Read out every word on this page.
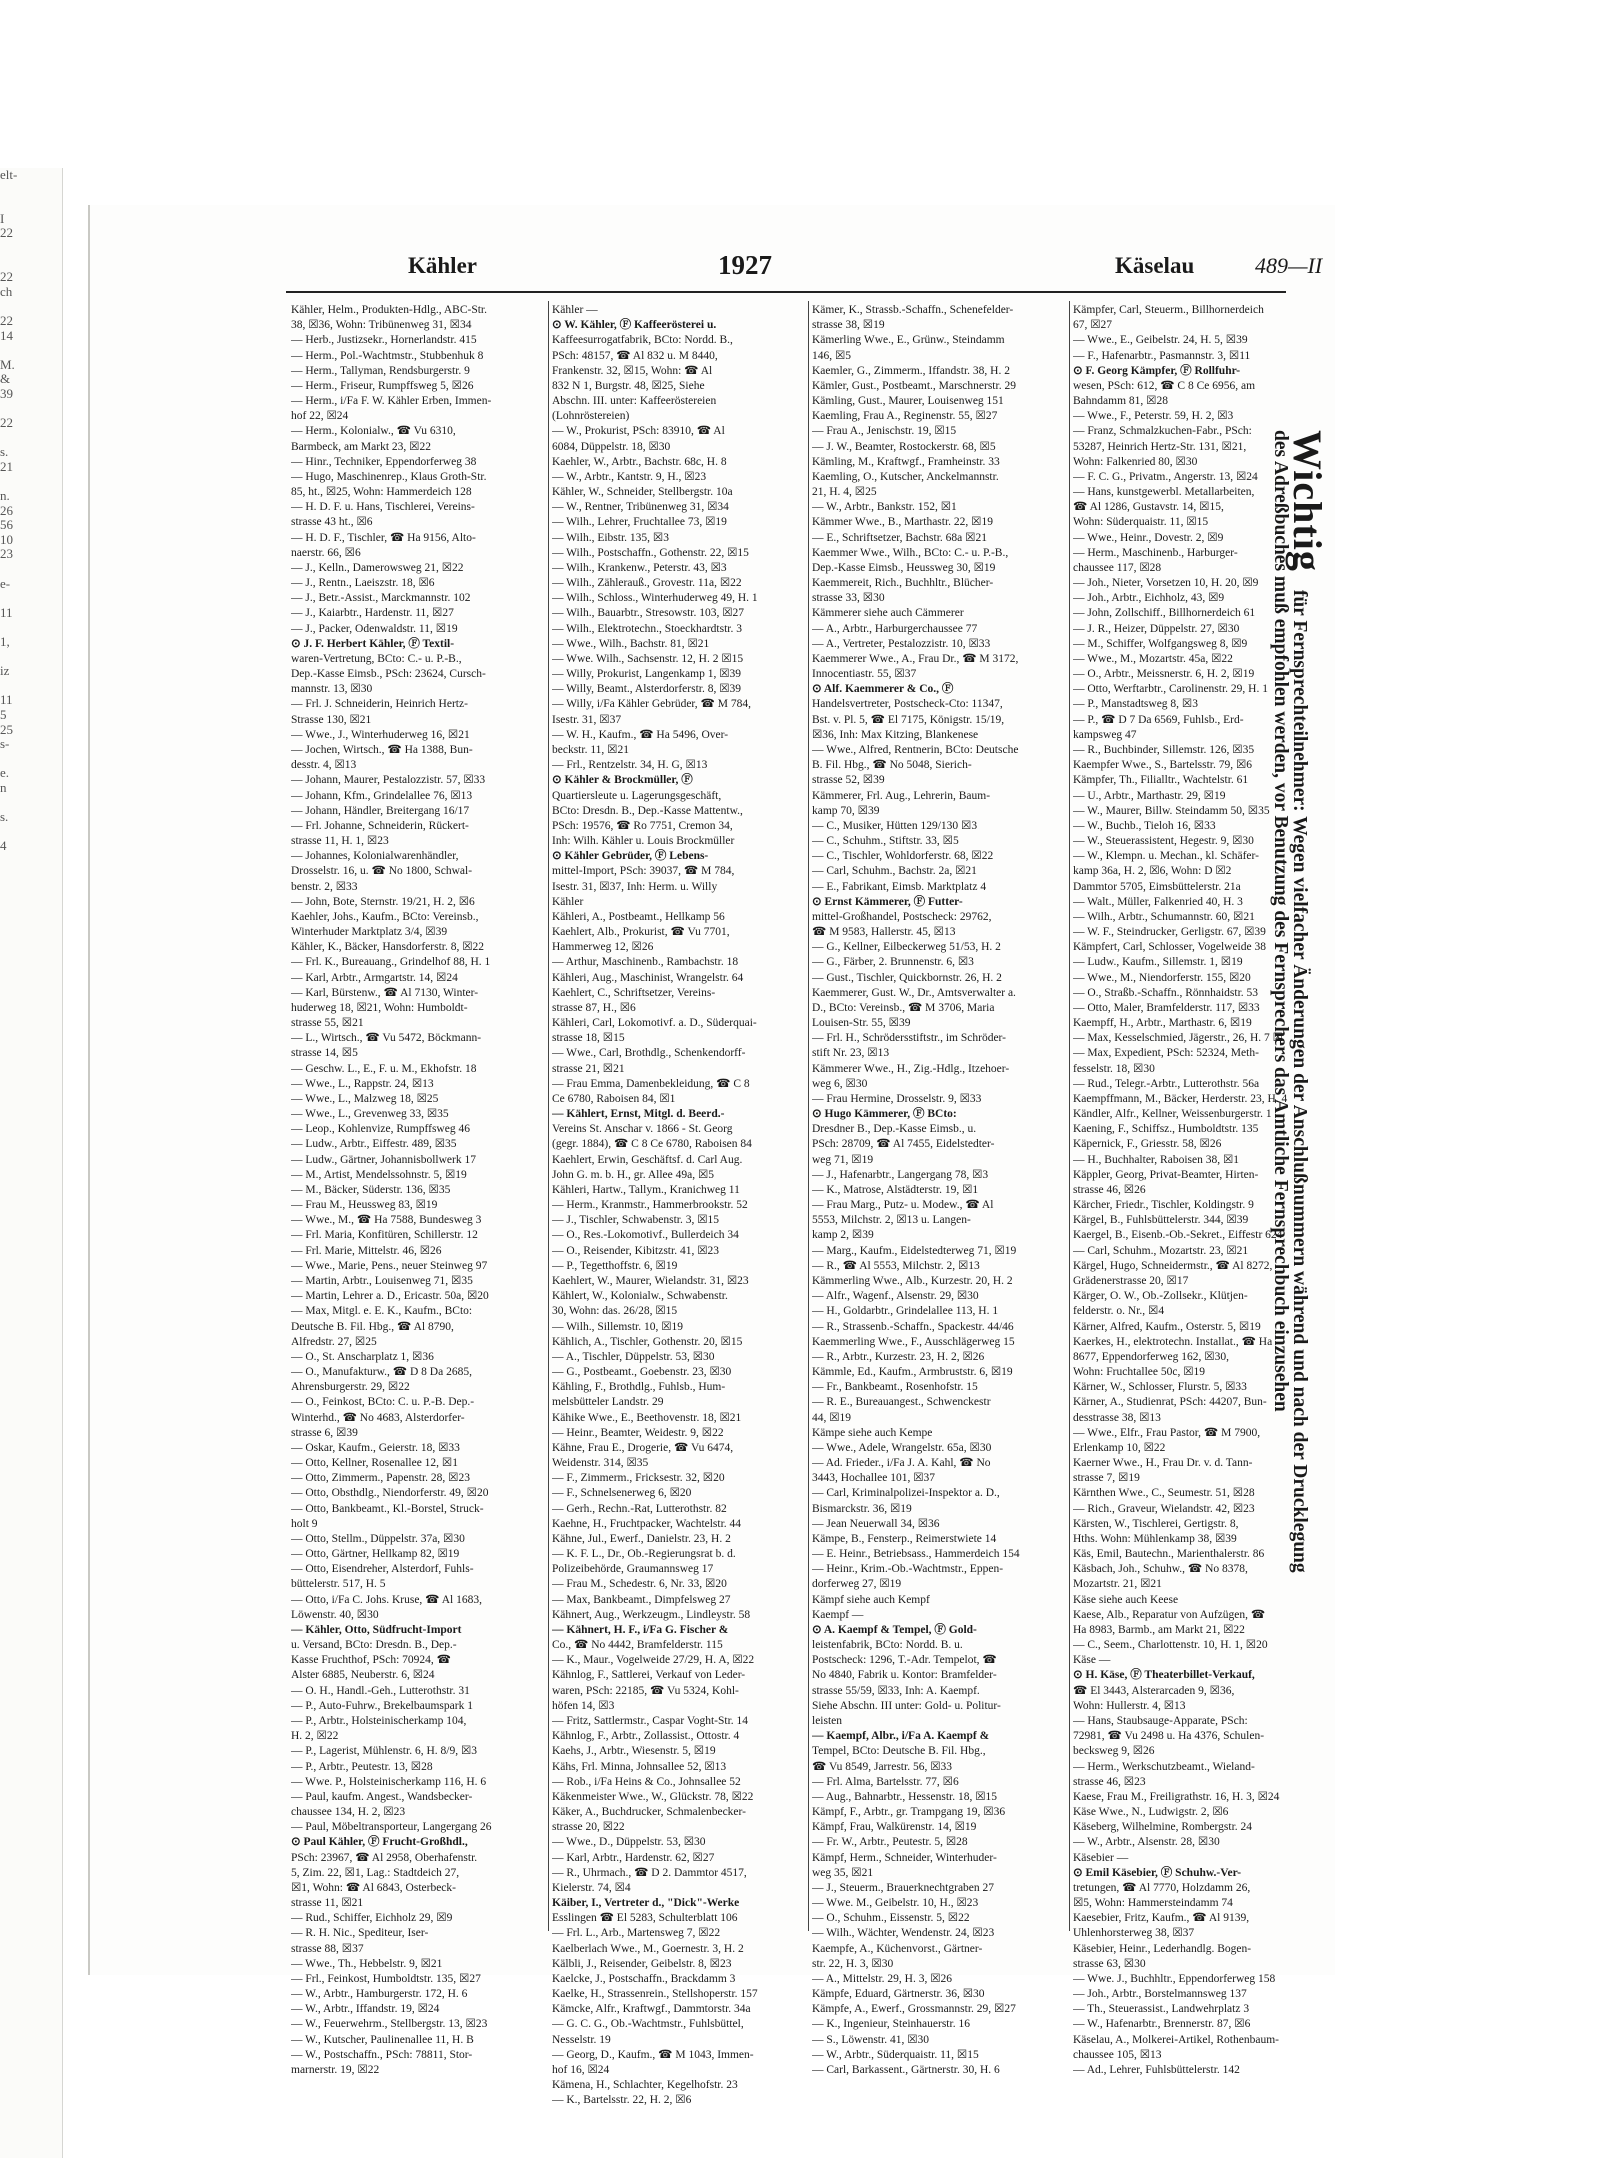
elt-
I
22
22
ch
22
14
M.
&
39
22
s.
21
n.
26
56
10
23
e-
11
1,
iz
11
5
25
s-
e.
n
s.
4
Kähler	1927	Käselau	489—II
Kähler, Helm., Produkten-Hdlg., ABC-Str.
38, ☒36, Wohn: Tribünenweg 31, ☒34
— Herb., Justizsekr., Hornerlandstr. 415
— Herm., Pol.-Wachtmstr., Stubbenhuk 8
— Herm., Tallyman, Rendsburgerstr. 9
— Herm., Friseur, Rumpffsweg 5, ☒26
— Herm., i/Fa F. W. Kähler Erben, Immen-
hof 22, ☒24
— Herm., Kolonialw., ☎ Vu 6310,
Barmbeck, am Markt 23, ☒22
— Hinr., Techniker, Eppendorferweg 38
— Hugo, Maschinenrep., Klaus Groth-Str.
85, ht., ☒25, Wohn: Hammerdeich 128
— H. D. F. u. Hans, Tischlerei, Vereins-
strasse 43 ht., ☒6
— H. D. F., Tischler, ☎ Ha 9156, Alto-
naerstr. 66, ☒6
— J., Kelln., Damerowsweg 21, ☒22
— J., Rentn., Laeiszstr. 18, ☒6
— J., Betr.-Assist., Marckmannstr. 102
— J., Kaiarbtr., Hardenstr. 11, ☒27
— J., Packer, Odenwaldstr. 11, ☒19
⊙ J. F. Herbert Kähler, Ⓕ Textil-
waren-Vertretung, BCto: C.- u. P.-B.,
Dep.-Kasse Eimsb., PSch: 23624, Cursch-
mannstr. 13, ☒30
— Frl. J. Schneiderin, Heinrich Hertz-
Strasse 130, ☒21
— Wwe., J., Winterhuderweg 16, ☒21
— Jochen, Wirtsch., ☎ Ha 1388, Bun-
desstr. 4, ☒13
— Johann, Maurer, Pestalozzistr. 57, ☒33
— Johann, Kfm., Grindelallee 76, ☒13
— Johann, Händler, Breitergang 16/17
— Frl. Johanne, Schneiderin, Rückert-
strasse 11, H. 1, ☒23
— Johannes, Kolonialwarenhändler,
Drosselstr. 16, u. ☎ No 1800, Schwal-
benstr. 2, ☒33
— John, Bote, Sternstr. 19/21, H. 2, ☒6
Kaehler, Johs., Kaufm., BCto: Vereinsb.,
Winterhuder Marktplatz 3/4, ☒39
Kähler, K., Bäcker, Hansdorferstr. 8, ☒22
— Frl. K., Bureauang., Grindelhof 88, H. 1
— Karl, Arbtr., Armgartstr. 14, ☒24
— Karl, Bürstenw., ☎ Al 7130, Winter-
huderweg 18, ☒21, Wohn: Humboldt-
strasse 55, ☒21
— L., Wirtsch., ☎ Vu 5472, Böckmann-
strasse 14, ☒5
— Geschw. L., E., F. u. M., Ekhofstr. 18
— Wwe., L., Rappstr. 24, ☒13
— Wwe., L., Malzweg 18, ☒25
— Wwe., L., Grevenweg 33, ☒35
— Leop., Kohlenvize, Rumpffsweg 46
— Ludw., Arbtr., Eiffestr. 489, ☒35
— Ludw., Gärtner, Johannisbollwerk 17
— M., Artist, Mendelssohnstr. 5, ☒19
— M., Bäcker, Süderstr. 136, ☒35
— Frau M., Heussweg 83, ☒19
— Wwe., M., ☎ Ha 7588, Bundesweg 3
— Frl. Maria, Konfitüren, Schillerstr. 12
— Frl. Marie, Mittelstr. 46, ☒26
— Wwe., Marie, Pens., neuer Steinweg 97
— Martin, Arbtr., Louisenweg 71, ☒35
— Martin, Lehrer a. D., Ericastr. 50a, ☒20
— Max, Mitgl. e. E. K., Kaufm., BCto:
Deutsche B. Fil. Hbg., ☎ Al 8790,
Alfredstr. 27, ☒25
— O., St. Anscharplatz 1, ☒36
— O., Manufakturw., ☎ D 8 Da 2685,
Ahrensburgerstr. 29, ☒22
— O., Feinkost, BCto: C. u. P.-B. Dep.-
Winterhd., ☎ No 4683, Alsterdorfer-
strasse 6, ☒39
— Oskar, Kaufm., Geierstr. 18, ☒33
— Otto, Kellner, Rosenallee 12, ☒1
— Otto, Zimmerm., Papenstr. 28, ☒23
— Otto, Obsthdlg., Niendorferstr. 49, ☒20
— Otto, Bankbeamt., Kl.-Borstel, Struck-
holt 9
— Otto, Stellm., Düppelstr. 37a, ☒30
— Otto, Gärtner, Hellkamp 82, ☒19
— Otto, Eisendreher, Alsterdorf, Fuhls-
büttelerstr. 517, H. 5
— Otto, i/Fa C. Johs. Kruse, ☎ Al 1683,
Löwenstr. 40, ☒30
— Kähler, Otto, Südfrucht-Import
u. Versand, BCto: Dresdn. B., Dep.-
Kasse Fruchthof, PSch: 70924, ☎
Alster 6885, Neuberstr. 6, ☒24
— O. H., Handl.-Geh., Lutterothstr. 31
— P., Auto-Fuhrw., Brekelbaumspark 1
— P., Arbtr., Holsteinischerkamp 104,
H. 2, ☒22
— P., Lagerist, Mühlenstr. 6, H. 8/9, ☒3
— P., Arbtr., Peutestr. 13, ☒28
— Wwe. P., Holsteinischerkamp 116, H. 6
— Paul, kaufm. Angest., Wandsbecker-
chaussee 134, H. 2, ☒23
— Paul, Möbeltransporteur, Langergang 26
⊙ Paul Kähler, Ⓕ Frucht-Großhdl.,
PSch: 23967, ☎ Al 2958, Oberhafenstr.
5, Zim. 22, ☒1, Lag.: Stadtdeich 27,
☒1, Wohn: ☎ Al 6843, Osterbeck-
strasse 11, ☒21
— Rud., Schiffer, Eichholz 29, ☒9
— R. H. Nic., Spediteur, Iser-
strasse 88, ☒37
— Wwe., Th., Hebbelstr. 9, ☒21
— Frl., Feinkost, Humboldtstr. 135, ☒27
— W., Arbtr., Hamburgerstr. 172, H. 6
— W., Arbtr., Iffandstr. 19, ☒24
— W., Feuerwehrm., Stellbergstr. 13, ☒23
— W., Kutscher, Paulinenallee 11, H. B
— W., Postschaffn., PSch: 78811, Stor-
marnerstr. 19, ☒22
Kähler —
⊙ W. Kähler, Ⓕ Kaffeerösterei u.
Kaffeesurrogatfabrik, BCto: Nordd. B.,
PSch: 48157, ☎ Al 832 u. M 8440,
Frankenstr. 32, ☒15, Wohn: ☎ Al
832 N 1, Burgstr. 48, ☒25, Siehe
Abschn. III. unter: Kaffeeröstereien
(Lohnröstereien)
— W., Prokurist, PSch: 83910, ☎ Al
6084, Düppelstr. 18, ☒30
Kaehler, W., Arbtr., Bachstr. 68c, H. 8
— W., Arbtr., Kantstr. 9, H., ☒23
Kähler, W., Schneider, Stellbergstr. 10a
— W., Rentner, Tribünenweg 31, ☒34
— Wilh., Lehrer, Fruchtallee 73, ☒19
— Wilh., Eibstr. 135, ☒3
— Wilh., Postschaffn., Gothenstr. 22, ☒15
— Wilh., Krankenw., Peterstr. 43, ☒3
— Wilh., Zählerauß., Grovestr. 11a, ☒22
— Wilh., Schloss., Winterhuderweg 49, H. 1
— Wilh., Bauarbtr., Stresowstr. 103, ☒27
— Wilh., Elektrotechn., Stoeckhardtstr. 3
— Wwe., Wilh., Bachstr. 81, ☒21
— Wwe. Wilh., Sachsenstr. 12, H. 2 ☒15
— Willy, Prokurist, Langenkamp 1, ☒39
— Willy, Beamt., Alsterdorferstr. 8, ☒39
— Willy, i/Fa Kähler Gebrüder, ☎ M 784,
Isestr. 31, ☒37
— W. H., Kaufm., ☎ Ha 5496, Over-
beckstr. 11, ☒21
— Frl., Rentzelstr. 34, H. G, ☒13
⊙ Kähler & Brockmüller, Ⓕ
Quartiersleute u. Lagerungsgeschäft,
BCto: Dresdn. B., Dep.-Kasse Mattentw.,
PSch: 19576, ☎ Ro 7751, Cremon 34,
Inh: Wilh. Kähler u. Louis Brockmüller
⊙ Kähler Gebrüder, Ⓕ Lebens-
mittel-Import, PSch: 39037, ☎ M 784,
Isestr. 31, ☒37, Inh: Herm. u. Willy
Kähler
Kähleri, A., Postbeamt., Hellkamp 56
Kaehlert, Alb., Prokurist, ☎ Vu 7701,
Hammerweg 12, ☒26
— Arthur, Maschinenb., Rambachstr. 18
Kähleri, Aug., Maschinist, Wrangelstr. 64
Kaehlert, C., Schriftsetzer, Vereins-
strasse 87, H., ☒6
Kähleri, Carl, Lokomotivf. a. D., Süderquai-
strasse 18, ☒15
— Wwe., Carl, Brothdlg., Schenkendorff-
strasse 21, ☒21
— Frau Emma, Damenbekleidung, ☎ C 8
Ce 6780, Raboisen 84, ☒1
— Kählert, Ernst, Mitgl. d. Beerd.-
Vereins St. Anschar v. 1866 - St. Georg
(gegr. 1884), ☎ C 8 Ce 6780, Raboisen 84
Kaehlert, Erwin, Geschäftsf. d. Carl Aug.
John G. m. b. H., gr. Allee 49a, ☒5
Kähleri, Hartw., Tallym., Kranichweg 11
— Herm., Kranmstr., Hammerbrookstr. 52
— J., Tischler, Schwabenstr. 3, ☒15
— O., Res.-Lokomotivf., Bullerdeich 34
— O., Reisender, Kibitzstr. 41, ☒23
— P., Tegetthoffstr. 6, ☒19
Kaehlert, W., Maurer, Wielandstr. 31, ☒23
Kählert, W., Kolonialw., Schwabenstr.
30, Wohn: das. 26/28, ☒15
— Wilh., Sillemstr. 10, ☒19
Kählich, A., Tischler, Gothenstr. 20, ☒15
— A., Tischler, Düppelstr. 53, ☒30
— G., Postbeamt., Goebenstr. 23, ☒30
Kähling, F., Brothdlg., Fuhlsb., Hum-
melsbütteler Landstr. 29
Kähike Wwe., E., Beethovenstr. 18, ☒21
— Heinr., Beamter, Weidestr. 9, ☒22
Kähne, Frau E., Drogerie, ☎ Vu 6474,
Weidenstr. 314, ☒35
— F., Zimmerm., Fricksestr. 32, ☒20
— F., Schnelsenerweg 6, ☒20
— Gerh., Rechn.-Rat, Lutterothstr. 82
Kaehne, H., Fruchtpacker, Wachtelstr. 44
Kähne, Jul., Ewerf., Danielstr. 23, H. 2
— K. F. L., Dr., Ob.-Regierungsrat b. d.
Polizeibehörde, Graumannsweg 17
— Frau M., Schedestr. 6, Nr. 33, ☒20
— Max, Bankbeamt., Dimpfelsweg 27
Kähnert, Aug., Werkzeugm., Lindleystr. 58
— Kähnert, H. F., i/Fa G. Fischer &
Co., ☎ No 4442, Bramfelderstr. 115
— K., Maur., Vogelweide 27/29, H. A, ☒22
Kähnlog, F., Sattlerei, Verkauf von Leder-
waren, PSch: 22185, ☎ Vu 5324, Kohl-
höfen 14, ☒3
— Fritz, Sattlermstr., Caspar Voght-Str. 14
Kähnlog, F., Arbtr., Zollassist., Ottostr. 4
Kaehs, J., Arbtr., Wiesenstr. 5, ☒19
Kähs, Frl. Minna, Johnsallee 52, ☒13
— Rob., i/Fa Heins & Co., Johnsallee 52
Käkenmeister Wwe., W., Glückstr. 78, ☒22
Käker, A., Buchdrucker, Schmalenbecker-
strasse 20, ☒22
— Wwe., D., Düppelstr. 53, ☒30
— Karl, Arbtr., Hardenstr. 62, ☒27
— R., Uhrmach., ☎ D 2. Dammtor 4517,
Kielerstr. 74, ☒4
Käiber, I., Vertreter d., "Dick"-Werke
Esslingen ☎ El 5283, Schulterblatt 106
— Frl. L., Arb., Martensweg 7, ☒22
Kaelberlach Wwe., M., Goernestr. 3, H. 2
Kälbli, J., Reisender, Geibelstr. 8, ☒23
Kaelcke, J., Postschaffn., Brackdamm 3
Kaelke, H., Strassenrein., Stellshoperstr. 157
Kämcke, Alfr., Kraftwgf., Dammtorstr. 34a
— G. C. G., Ob.-Wachtmstr., Fuhlsbüttel,
Nesselstr. 19
— Georg, D., Kaufm., ☎ M 1043, Immen-
hof 16, ☒24
Kämena, H., Schlachter, Kegelhofstr. 23
— K., Bartelsstr. 22, H. 2, ☒6
Kämer, K., Strassb.-Schaffn., Schenefelder-
strasse 38, ☒19
Kämerling Wwe., E., Grünw., Steindamm
146, ☒5
Kaemler, G., Zimmerm., Iffandstr. 38, H. 2
Kämler, Gust., Postbeamt., Marschnerstr. 29
Kämling, Gust., Maurer, Louisenweg 151
Kaemling, Frau A., Reginenstr. 55, ☒27
— Frau A., Jenischstr. 19, ☒15
— J. W., Beamter, Rostockerstr. 68, ☒5
Kämling, M., Kraftwgf., Framheinstr. 33
Kaemling, O., Kutscher, Anckelmannstr.
21, H. 4, ☒25
— W., Arbtr., Bankstr. 152, ☒1
Kämmer Wwe., B., Marthastr. 22, ☒19
— E., Schriftsetzer, Bachstr. 68a ☒21
Kaemmer Wwe., Wilh., BCto: C.- u. P.-B.,
Dep.-Kasse Eimsb., Heussweg 30, ☒19
Kaemmereit, Rich., Buchhltr., Blücher-
strasse 33, ☒30
Kämmerer siehe auch Cämmerer
— A., Arbtr., Harburgerchaussee 77
— A., Vertreter, Pestalozzistr. 10, ☒33
Kaemmerer Wwe., A., Frau Dr., ☎ M 3172,
Innocentiastr. 55, ☒37
⊙ Alf. Kaemmerer & Co., Ⓕ
Handelsvertreter, Postscheck-Cto: 11347,
Bst. v. Pl. 5, ☎ El 7175, Königstr. 15/19,
☒36, Inh: Max Kitzing, Blankenese
— Wwe., Alfred, Rentnerin, BCto: Deutsche
B. Fil. Hbg., ☎ No 5048, Sierich-
strasse 52, ☒39
Kämmerer, Frl. Aug., Lehrerin, Baum-
kamp 70, ☒39
— C., Musiker, Hütten 129/130 ☒3
— C., Schuhm., Stiftstr. 33, ☒5
— C., Tischler, Wohldorferstr. 68, ☒22
— Carl, Schuhm., Bachstr. 2a, ☒21
— E., Fabrikant, Eimsb. Marktplatz 4
⊙ Ernst Kämmerer, Ⓕ Futter-
mittel-Großhandel, Postscheck: 29762,
☎ M 9583, Hallerstr. 45, ☒13
— G., Kellner, Eilbeckerweg 51/53, H. 2
— G., Färber, 2. Brunnenstr. 6, ☒3
— Gust., Tischler, Quickbornstr. 26, H. 2
Kaemmerer, Gust. W., Dr., Amtsverwalter a.
D., BCto: Vereinsb., ☎ M 3706, Maria
Louisen-Str. 55, ☒39
— Frl. H., Schrödersstiftstr., im Schröder-
stift Nr. 23, ☒13
Kämmerer Wwe., H., Zig.-Hdlg., Itzehoer-
weg 6, ☒30
— Frau Hermine, Drosselstr. 9, ☒33
⊙ Hugo Kämmerer, Ⓕ BCto:
Dresdner B., Dep.-Kasse Eimsb., u.
PSch: 28709, ☎ Al 7455, Eidelstedter-
weg 71, ☒19
— J., Hafenarbtr., Langergang 78, ☒3
— K., Matrose, Alstädterstr. 19, ☒1
— Frau Marg., Putz- u. Modew., ☎ Al
5553, Milchstr. 2, ☒13 u. Langen-
kamp 2, ☒39
— Marg., Kaufm., Eidelstedterweg 71, ☒19
— R., ☎ Al 5553, Milchstr. 2, ☒13
Kämmerling Wwe., Alb., Kurzestr. 20, H. 2
— Alfr., Wagenf., Alsenstr. 29, ☒30
— H., Goldarbtr., Grindelallee 113, H. 1
— R., Strassenb.-Schaffn., Spackestr. 44/46
Kaemmerling Wwe., F., Ausschlägerweg 15
— R., Arbtr., Kurzestr. 23, H. 2, ☒26
Kämmle, Ed., Kaufm., Armbruststr. 6, ☒19
— Fr., Bankbeamt., Rosenhofstr. 15
— R. E., Bureauangest., Schwenckestr
44, ☒19
Kämpe siehe auch Kempe
— Wwe., Adele, Wrangelstr. 65a, ☒30
— Ad. Frieder., i/Fa J. A. Kahl, ☎ No
3443, Hochallee 101, ☒37
— Carl, Kriminalpolizei-Inspektor a. D.,
Bismarckstr. 36, ☒19
— Jean Neuerwall 34, ☒36
Kämpe, B., Fensterp., Reimerstwiete 14
— E. Heinr., Betriebsass., Hammerdeich 154
— Heinr., Krim.-Ob.-Wachtmstr., Eppen-
dorferweg 27, ☒19
Kämpf siehe auch Kempf
Kaempf —
⊙ A. Kaempf & Tempel, Ⓕ Gold-
leistenfabrik, BCto: Nordd. B. u.
Postscheck: 1296, T.-Adr. Tempelot, ☎
No 4840, Fabrik u. Kontor: Bramfelder-
strasse 55/59, ☒33, Inh: A. Kaempf.
Siehe Abschn. III unter: Gold- u. Politur-
leisten
— Kaempf, Albr., i/Fa A. Kaempf &
Tempel, BCto: Deutsche B. Fil. Hbg.,
☎ Vu 8549, Jarrestr. 56, ☒33
— Frl. Alma, Bartelsstr. 77, ☒6
— Aug., Bahnarbtr., Hessenstr. 18, ☒15
Kämpf, F., Arbtr., gr. Trampgang 19, ☒36
Kämpf, Frau, Walkürenstr. 14, ☒19
— Fr. W., Arbtr., Peutestr. 5, ☒28
Kämpf, Herm., Schneider, Winterhuder-
weg 35, ☒21
— J., Steuerm., Brauerknechtgraben 27
— Wwe. M., Geibelstr. 10, H., ☒23
— O., Schuhm., Eissenstr. 5, ☒22
— Wilh., Wächter, Wendenstr. 24, ☒23
Kaempfe, A., Küchenvorst., Gärtner-
str. 22, H. 3, ☒30
— A., Mittelstr. 29, H. 3, ☒26
Kämpfe, Eduard, Gärtnerstr. 36, ☒30
Kämpfe, A., Ewerf., Grossmannstr. 29, ☒27
— K., Ingenieur, Steinhauerstr. 16
— S., Löwenstr. 41, ☒30
— W., Arbtr., Süderquaistr. 11, ☒15
— Carl, Barkassent., Gärtnerstr. 30, H. 6
Kämpfer, Carl, Steuerm., Billhornerdeich
67, ☒27
— Wwe., E., Geibelstr. 24, H. 5, ☒39
— F., Hafenarbtr., Pasmannstr. 3, ☒11
⊙ F. Georg Kämpfer, Ⓕ Rollfuhr-
wesen, PSch: 612, ☎ C 8 Ce 6956, am
Bahndamm 81, ☒28
— Wwe., F., Peterstr. 59, H. 2, ☒3
— Franz, Schmalzkuchen-Fabr., PSch:
53287, Heinrich Hertz-Str. 131, ☒21,
Wohn: Falkenried 80, ☒30
— F. C. G., Privatm., Angerstr. 13, ☒24
— Hans, kunstgewerbl. Metallarbeiten,
☎ Al 1286, Gustavstr. 14, ☒15,
Wohn: Süderquaistr. 11, ☒15
— Wwe., Heinr., Dovestr. 2, ☒9
— Herm., Maschinenb., Harburger-
chaussee 117, ☒28
— Joh., Nieter, Vorsetzen 10, H. 20, ☒9
— Joh., Arbtr., Eichholz, 43, ☒9
— John, Zollschiff., Billhornerdeich 61
— J. R., Heizer, Düppelstr. 27, ☒30
— M., Schiffer, Wolfgangsweg 8, ☒9
— Wwe., M., Mozartstr. 45a, ☒22
— O., Arbtr., Meissnerstr. 6, H. 2, ☒19
— Otto, Werftarbtr., Carolinenstr. 29, H. 1
— P., Manstadtsweg 8, ☒3
— P., ☎ D 7 Da 6569, Fuhlsb., Erd-
kampsweg 47
— R., Buchbinder, Sillemstr. 126, ☒35
Kaempfer Wwe., S., Bartelsstr. 79, ☒6
Kämpfer, Th., Filialltr., Wachtelstr. 61
— U., Arbtr., Marthastr. 29, ☒19
— W., Maurer, Billw. Steindamm 50, ☒35
— W., Buchb., Tieloh 16, ☒33
— W., Steuerassistent, Hegestr. 9, ☒30
— W., Klempn. u. Mechan., kl. Schäfer-
kamp 36a, H. 2, ☒6, Wohn: D ☒2
Dammtor 5705, Eimsbüttelerstr. 21a
— Walt., Müller, Falkenried 40, H. 3
— Wilh., Arbtr., Schumannstr. 60, ☒21
— W. F., Steindrucker, Gerligstr. 67, ☒39
Kämpfert, Carl, Schlosser, Vogelweide 38
— Ludw., Kaufm., Sillemstr. 1, ☒19
— Wwe., M., Niendorferstr. 155, ☒20
— O., Straßb.-Schaffn., Rönnhaidstr. 53
— Otto, Maler, Bramfelderstr. 117, ☒33
Kaempff, H., Arbtr., Marthastr. 6, ☒19
— Max, Kesselschmied, Jägerstr., 26, H. 7 ☒
— Max, Expedient, PSch: 52324, Meth-
fesselstr. 18, ☒30
— Rud., Telegr.-Arbtr., Lutterothstr. 56a
Kaempffmann, M., Bäcker, Herderstr. 23, H. 4
Kändler, Alfr., Kellner, Weissenburgerstr. 1
Kaening, F., Schiffsz., Humboldtstr. 135
Käpernick, F., Griesstr. 58, ☒26
— H., Buchhalter, Raboisen 38, ☒1
Käppler, Georg, Privat-Beamter, Hirten-
strasse 46, ☒26
Kärcher, Friedr., Tischler, Koldingstr. 9
Kärgel, B., Fuhlsbüttelerstr. 344, ☒39
Kaergel, B., Eisenb.-Ob.-Sekret., Eiffestr 624
— Carl, Schuhm., Mozartstr. 23, ☒21
Kärgel, Hugo, Schneidermstr., ☎ Al 8272,
Grädenerstrasse 20, ☒17
Kärger, O. W., Ob.-Zollsekr., Klütjen-
felderstr. o. Nr., ☒4
Kärner, Alfred, Kaufm., Osterstr. 5, ☒19
Kaerkes, H., elektrotechn. Installat., ☎ Ha
8677, Eppendorferweg 162, ☒30,
Wohn: Fruchtallee 50c, ☒19
Kärner, W., Schlosser, Flurstr. 5, ☒33
Kärner, A., Studienrat, PSch: 44207, Bun-
desstrasse 38, ☒13
— Wwe., Elfr., Frau Pastor, ☎ M 7900,
Erlenkamp 10, ☒22
Kaerner Wwe., H., Frau Dr. v. d. Tann-
strasse 7, ☒19
Kärnthen Wwe., C., Seumestr. 51, ☒28
— Rich., Graveur, Wielandstr. 42, ☒23
Kärsten, W., Tischlerei, Gertigstr. 8,
Hths. Wohn: Mühlenkamp 38, ☒39
Käs, Emil, Bautechn., Marienthalerstr. 86
Käsbach, Joh., Schuhw., ☎ No 8378,
Mozartstr. 21, ☒21
Käse siehe auch Keese
Kaese, Alb., Reparatur von Aufzügen, ☎
Ha 8983, Barmb., am Markt 21, ☒22
— C., Seem., Charlottenstr. 10, H. 1, ☒20
Käse —
⊙ H. Käse, Ⓕ Theaterbillet-Verkauf,
☎ El 3443, Alsterarcaden 9, ☒36,
Wohn: Hullerstr. 4, ☒13
— Hans, Staubsauge-Apparate, PSch:
72981, ☎ Vu 2498 u. Ha 4376, Schulen-
becksweg 9, ☒26
— Herm., Werkschutzbeamt., Wieland-
strasse 46, ☒23
Kaese, Frau M., Freiligrathstr. 16, H. 3, ☒24
Käse Wwe., N., Ludwigstr. 2, ☒6
Käseberg, Wilhelmine, Rombergstr. 24
— W., Arbtr., Alsenstr. 28, ☒30
Käsebier —
⊙ Emil Käsebier, Ⓕ Schuhw.-Ver-
tretungen, ☎ Al 7770, Holzdamm 26,
☒5, Wohn: Hammersteindamm 74
Kaesebier, Fritz, Kaufm., ☎ Al 9139,
Uhlenhorsterweg 38, ☒37
Käsebier, Heinr., Lederhandlg. Bogen-
strasse 63, ☒30
— Wwe. J., Buchhltr., Eppendorferweg 158
— Joh., Arbtr., Borstelmannsweg 137
— Th., Steuerassist., Landwehrplatz 3
— W., Hafenarbtr., Brennerstr. 87, ☒6
Käselau, A., Molkerei-Artikel, Rothenbaum-
chaussee 105, ☒13
— Ad., Lehrer, Fuhlsbüttelerstr. 142
Wichtigfür Fernsprechteilnehmer: Wegen vielfacher Änderungen der Anschlußnummern während und nach der Drucklegung
des Adreßbuches muß empfohlen werden, vor Benutzung des Fernsprechers das Amtliche Fernsprechbuch einzusehen
